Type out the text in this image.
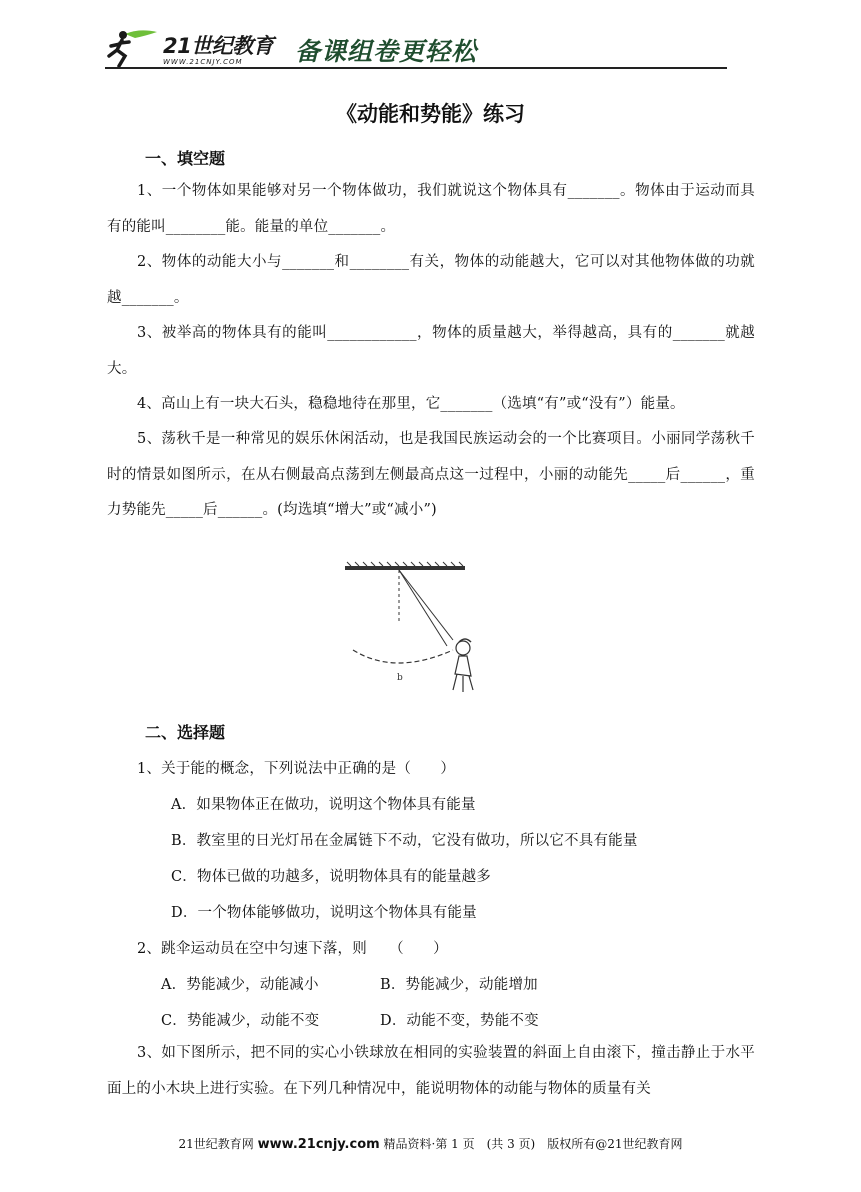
21世纪教育
WWW.21CNJY.COM 备课组卷更轻松
《动能和势能》练习
一、填空题
1、一个物体如果能够对另一个物体做功，我们就说这个物体具有_______。物体由于运动而具有的能叫________能。能量的单位_______。
2、物体的动能大小与_______和________有关，物体的动能越大，它可以对其他物体做的功就越_______。
3、被举高的物体具有的能叫____________，物体的质量越大，举得越高，具有的_______就越大。
4、高山上有一块大石头，稳稳地待在那里，它_______（选填“有”或“没有”）能量。
5、荡秋千是一种常见的娱乐休闲活动，也是我国民族运动会的一个比赛项目。小丽同学荡秋千时的情景如图所示，在从右侧最高点荡到左侧最高点这一过程中，小丽的动能先_____后______，重力势能先_____后______。(均选填“增大”或“减小”)
b
二、选择题
1、关于能的概念，下列说法中正确的是（　　）
A．如果物体正在做功，说明这个物体具有能量
B．教室里的日光灯吊在金属链下不动，它没有做功，所以它不具有能量
C．物体已做的功越多，说明物体具有的能量越多
D．一个物体能够做功，说明这个物体具有能量
2、跳伞运动员在空中匀速下落，则　　（　　）
A．势能减少，动能减小	B．势能减少，动能增加
C．势能减少，动能不变	D．动能不变，势能不变
3、如下图所示，把不同的实心小铁球放在相同的实验装置的斜面上自由滚下，撞击静止于水平面上的小木块上进行实验。在下列几种情况中，能说明物体的动能与物体的质量有关
21世纪教育网 www.21cnjy.com 精品资料·第 1 页　(共 3 页)　版权所有@21世纪教育网
